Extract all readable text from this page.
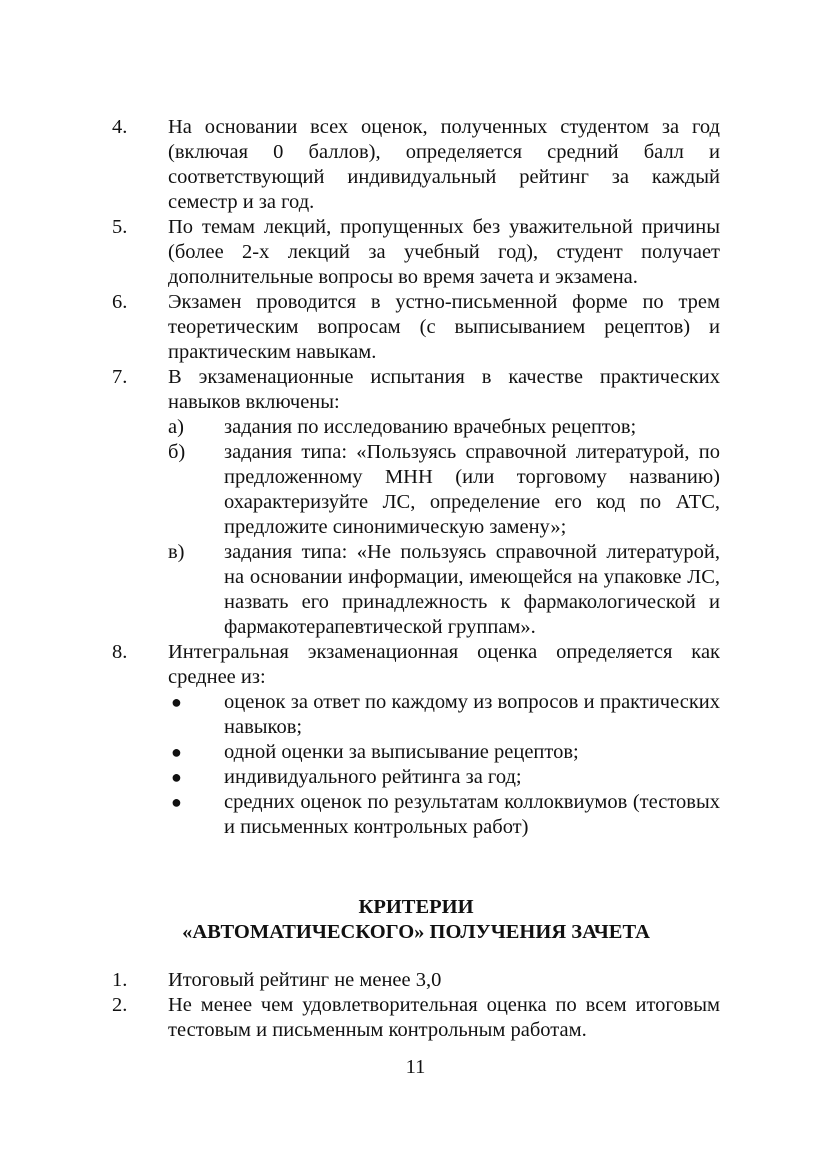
4. На основании всех оценок, полученных студентом за год (включая 0 баллов), определяется средний балл и соответствующий индивидуальный рейтинг за каждый семестр и за год.
5. По темам лекций, пропущенных без уважительной причины (более 2-х лекций за учебный год), студент получает дополнительные вопросы во время зачета и экзамена.
6. Экзамен проводится в устно-письменной форме по трем теоретическим вопросам (с выписыванием рецептов) и практическим навыкам.
7. В экзаменационные испытания в качестве практических навыков включены:
а) задания по исследованию врачебных рецептов;
б) задания типа: «Пользуясь справочной литературой, по предложенному МНН (или торговому названию) охарактеризуйте ЛС, определение его код по АТС, предложите синонимическую замену»;
в) задания типа: «Не пользуясь справочной литературой, на основании информации, имеющейся на упаковке ЛС, назвать его принадлежность к фармакологической и фармакотерапевтической группам».
8. Интегральная экзаменационная оценка определяется как среднее из:
● оценок за ответ по каждому из вопросов и практических навыков;
● одной оценки за выписывание рецептов;
● индивидуального рейтинга за год;
● средних оценок по результатам коллоквиумов (тестовых и письменных контрольных работ)
КРИТЕРИИ
«АВТОМАТИЧЕСКОГО» ПОЛУЧЕНИЯ ЗАЧЕТА
1. Итоговый рейтинг не менее 3,0
2. Не менее чем удовлетворительная оценка по всем итоговым тестовым и письменным контрольным работам.
11
